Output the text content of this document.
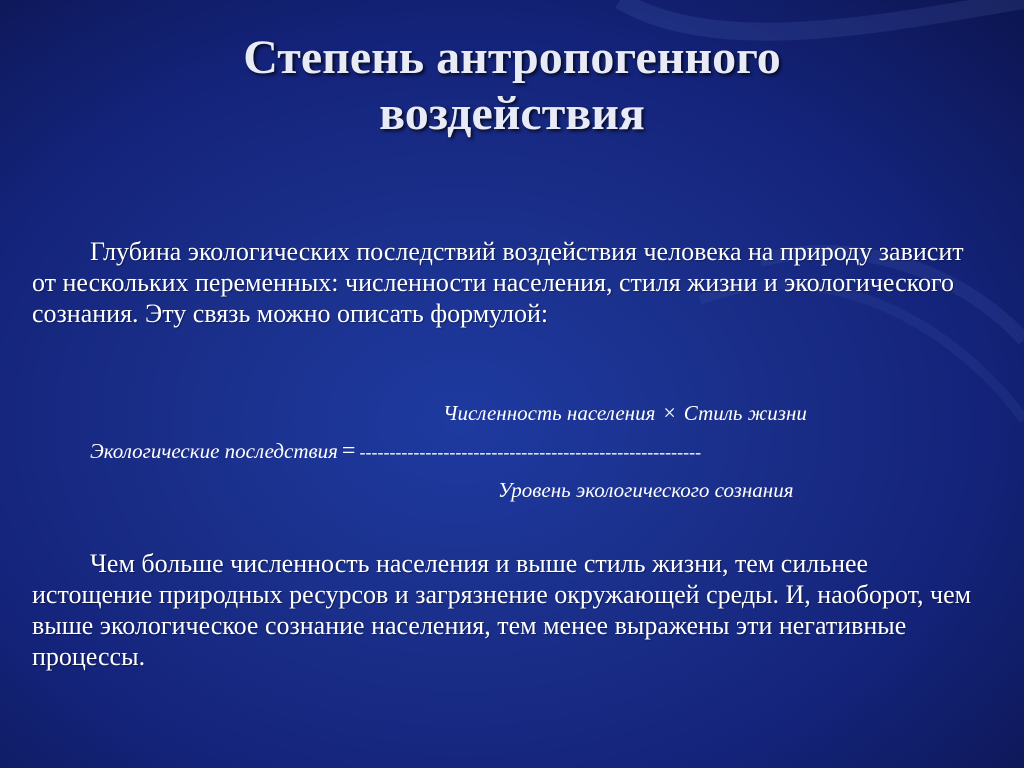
Степень антропогенного
воздействия

Глубина экологических последствий воздействия человека на природу зависит от нескольких переменных: численности населения, стиля жизни и экологического сознания. Эту связь можно описать формулой:

Численность населения × Стиль жизни
Экологические последствия = ---------------------------------------------------------
Уровень экологического сознания

Чем больше численность населения и выше стиль жизни, тем сильнее истощение природных ресурсов и загрязнение окружающей среды. И, наоборот, чем выше экологическое сознание населения, тем менее выражены эти негативные процессы.
